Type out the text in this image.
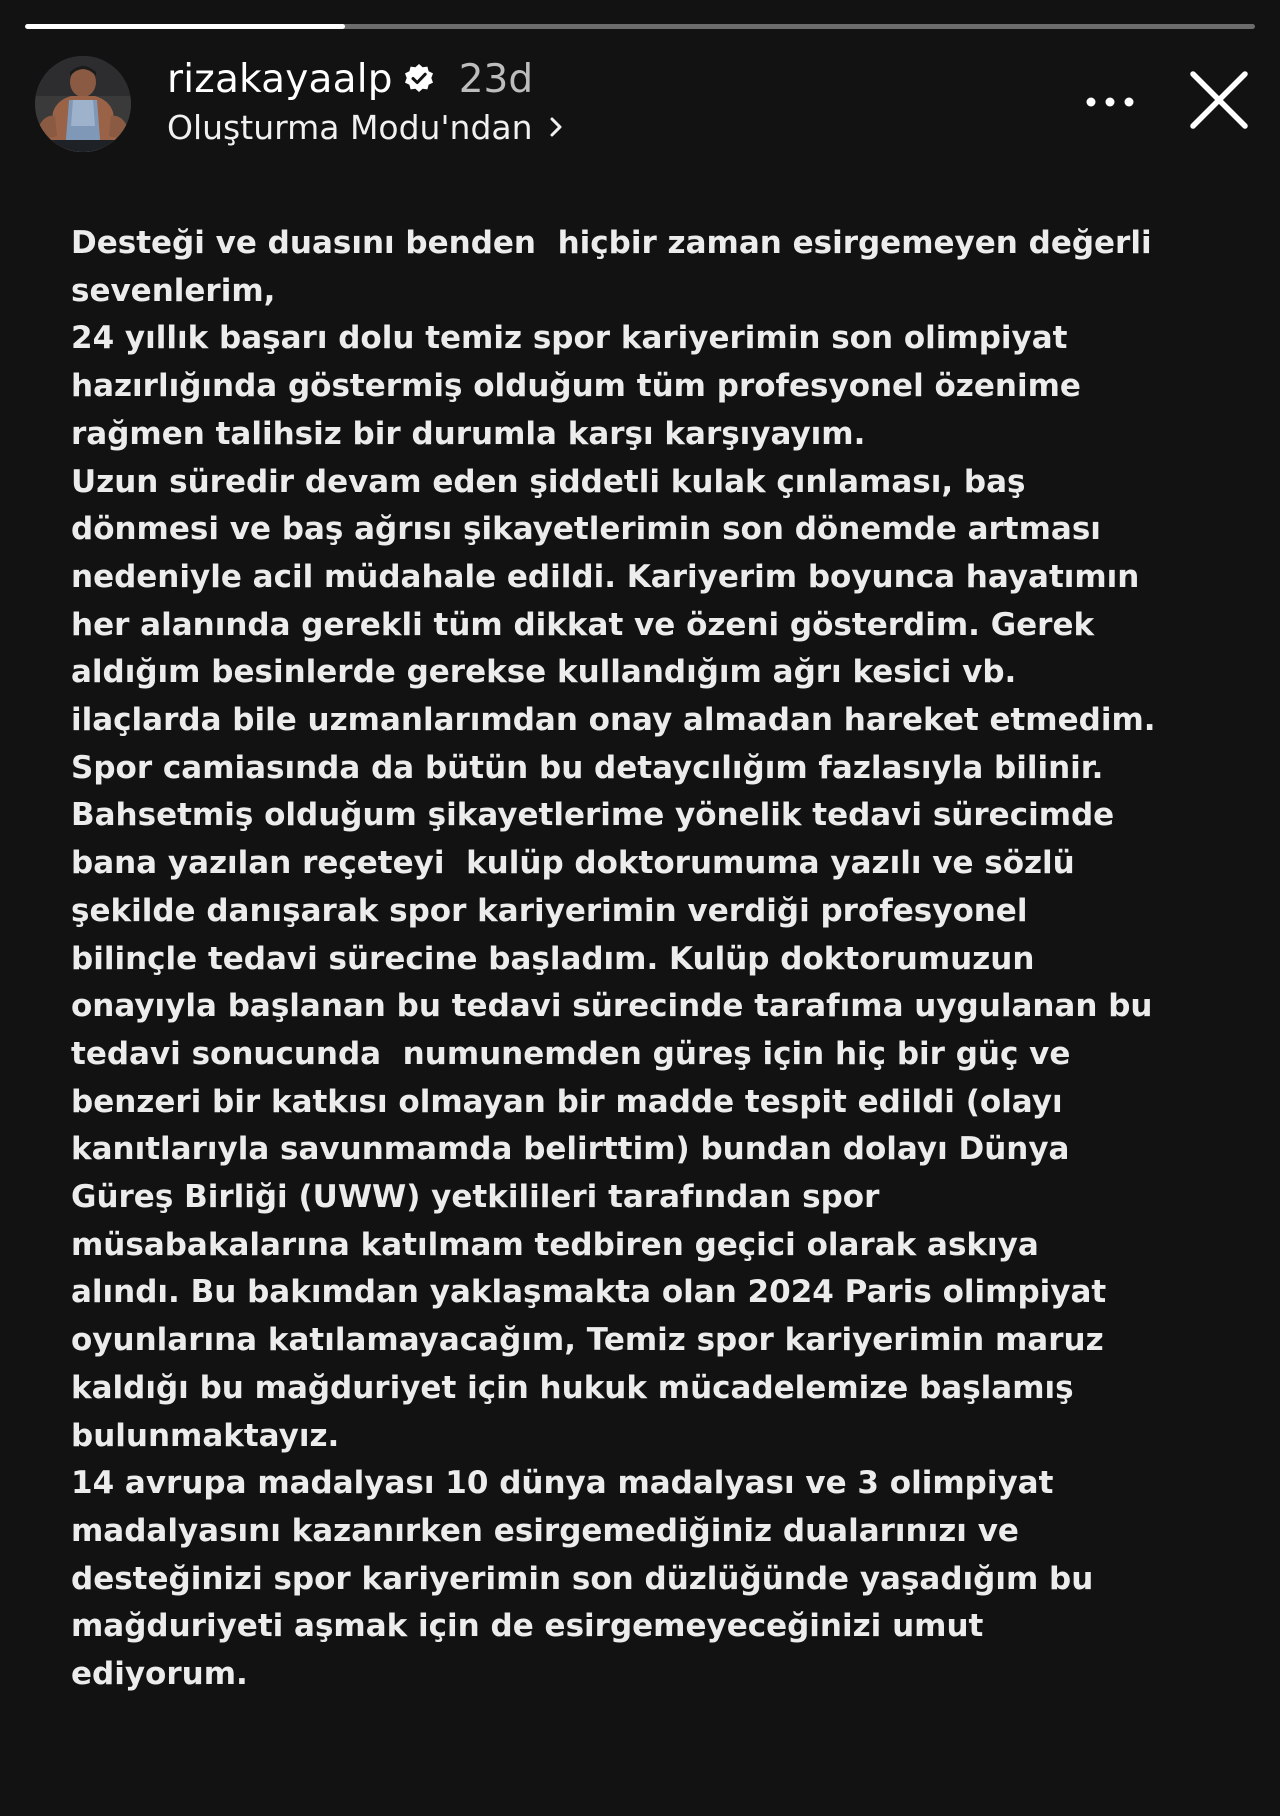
rizakayaalp 23d
Oluşturma Modu'ndan
Desteği ve duasını benden  hiçbir zaman esirgemeyen değerli
sevenlerim,
24 yıllık başarı dolu temiz spor kariyerimin son olimpiyat
hazırlığında göstermiş olduğum tüm profesyonel özenime
rağmen talihsiz bir durumla karşı karşıyayım.
Uzun süredir devam eden şiddetli kulak çınlaması, baş
dönmesi ve baş ağrısı şikayetlerimin son dönemde artması
nedeniyle acil müdahale edildi. Kariyerim boyunca hayatımın
her alanında gerekli tüm dikkat ve özeni gösterdim. Gerek
aldığım besinlerde gerekse kullandığım ağrı kesici vb.
ilaçlarda bile uzmanlarımdan onay almadan hareket etmedim.
Spor camiasında da bütün bu detaycılığım fazlasıyla bilinir.
Bahsetmiş olduğum şikayetlerime yönelik tedavi sürecimde
bana yazılan reçeteyi  kulüp doktorumuma yazılı ve sözlü
şekilde danışarak spor kariyerimin verdiği profesyonel
bilinçle tedavi sürecine başladım. Kulüp doktorumuzun
onayıyla başlanan bu tedavi sürecinde tarafıma uygulanan bu
tedavi sonucunda  numunemden güreş için hiç bir güç ve
benzeri bir katkısı olmayan bir madde tespit edildi (olayı
kanıtlarıyla savunmamda belirttim) bundan dolayı Dünya
Güreş Birliği (UWW) yetkilileri tarafından spor
müsabakalarına katılmam tedbiren geçici olarak askıya
alındı. Bu bakımdan yaklaşmakta olan 2024 Paris olimpiyat
oyunlarına katılamayacağım, Temiz spor kariyerimin maruz
kaldığı bu mağduriyet için hukuk mücadelemize başlamış
bulunmaktayız.
14 avrupa madalyası 10 dünya madalyası ve 3 olimpiyat
madalyasını kazanırken esirgemediğiniz dualarınızı ve
desteğinizi spor kariyerimin son düzlüğünde yaşadığım bu
mağduriyeti aşmak için de esirgemeyeceğinizi umut
ediyorum.
